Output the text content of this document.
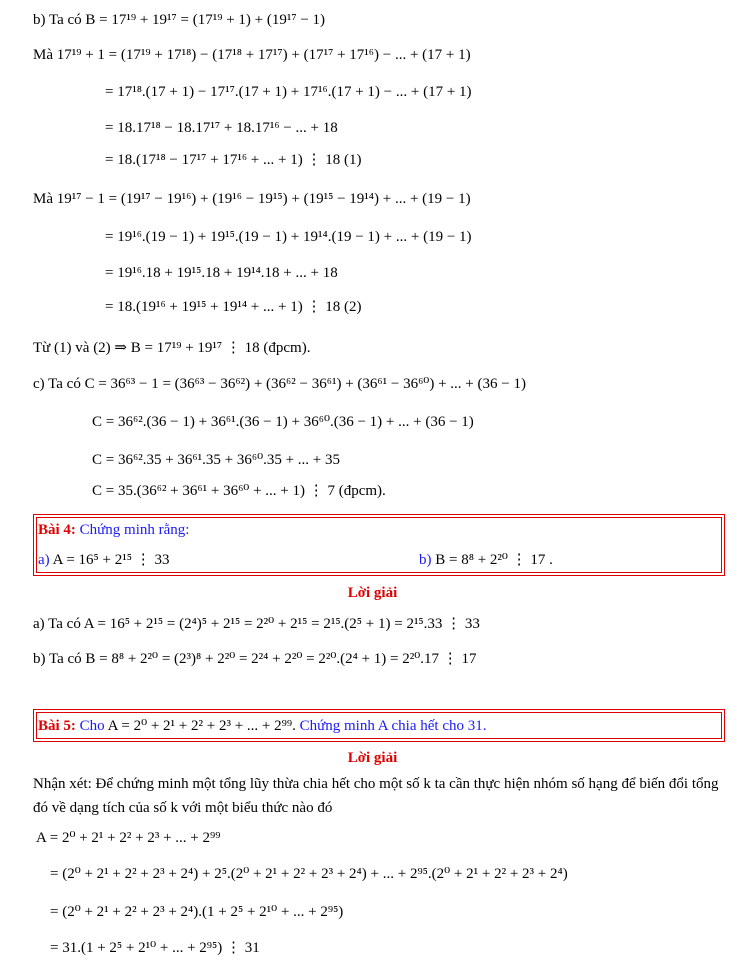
b) Ta có B = 17¹⁹ + 19¹⁷ = (17¹⁹ + 1) + (19¹⁷ − 1)
Mà 17¹⁹ + 1 = (17¹⁹ + 17¹⁸) − (17¹⁸ + 17¹⁷) + (17¹⁷ + 17¹⁶) − ... + (17 + 1)
= 17¹⁸.(17 + 1) − 17¹⁷.(17 + 1) + 17¹⁶.(17 + 1) − ... + (17 + 1)
= 18.17¹⁸ − 18.17¹⁷ + 18.17¹⁶ − ... + 18
= 18.(17¹⁸ − 17¹⁷ + 17¹⁶ + ... + 1) ⋮ 18 (1)
Mà 19¹⁷ − 1 = (19¹⁷ − 19¹⁶) + (19¹⁶ − 19¹⁵) + (19¹⁵ − 19¹⁴) + ... + (19 − 1)
= 19¹⁶.(19 − 1) + 19¹⁵.(19 − 1) + 19¹⁴.(19 − 1) + ... + (19 − 1)
= 19¹⁶.18 + 19¹⁵.18 + 19¹⁴.18 + ... + 18
= 18.(19¹⁶ + 19¹⁵ + 19¹⁴ + ... + 1) ⋮ 18 (2)
Từ (1) và (2) ⇒ B = 17¹⁹ + 19¹⁷ ⋮ 18 (đpcm).
c) Ta có C = 36⁶³ − 1 = (36⁶³ − 36⁶²) + (36⁶² − 36⁶¹) + (36⁶¹ − 36⁶⁰) + ... + (36 − 1)
C = 36⁶².(36 − 1) + 36⁶¹.(36 − 1) + 36⁶⁰.(36 − 1) + ... + (36 − 1)
C = 36⁶².35 + 36⁶¹.35 + 36⁶⁰.35 + ... + 35
C = 35.(36⁶² + 36⁶¹ + 36⁶⁰ + ... + 1) ⋮ 7 (đpcm).
Bài 4: Chứng minh rằng:
a) A = 16⁵ + 2¹⁵ ⋮ 33	b) B = 8⁸ + 2²⁰ ⋮ 17 .
Lời giải
a) Ta có A = 16⁵ + 2¹⁵ = (2⁴)⁵ + 2¹⁵ = 2²⁰ + 2¹⁵ = 2¹⁵.(2⁵ + 1) = 2¹⁵.33 ⋮ 33
b) Ta có B = 8⁸ + 2²⁰ = (2³)⁸ + 2²⁰ = 2²⁴ + 2²⁰ = 2²⁰.(2⁴ + 1) = 2²⁰.17 ⋮ 17
Bài 5: Cho A = 2⁰ + 2¹ + 2² + 2³ + ... + 2⁹⁹. Chứng minh A chia hết cho 31.
Lời giải
Nhận xét: Để chứng minh một tổng lũy thừa chia hết cho một số k ta cần thực hiện nhóm số hạng để biến đổi tổng đó về dạng tích của số k với một biểu thức nào đó
A = 2⁰ + 2¹ + 2² + 2³ + ... + 2⁹⁹
= (2⁰ + 2¹ + 2² + 2³ + 2⁴) + 2⁵.(2⁰ + 2¹ + 2² + 2³ + 2⁴) + ... + 2⁹⁵.(2⁰ + 2¹ + 2² + 2³ + 2⁴)
= (2⁰ + 2¹ + 2² + 2³ + 2⁴).(1 + 2⁵ + 2¹⁰ + ... + 2⁹⁵)
= 31.(1 + 2⁵ + 2¹⁰ + ... + 2⁹⁵) ⋮ 31
